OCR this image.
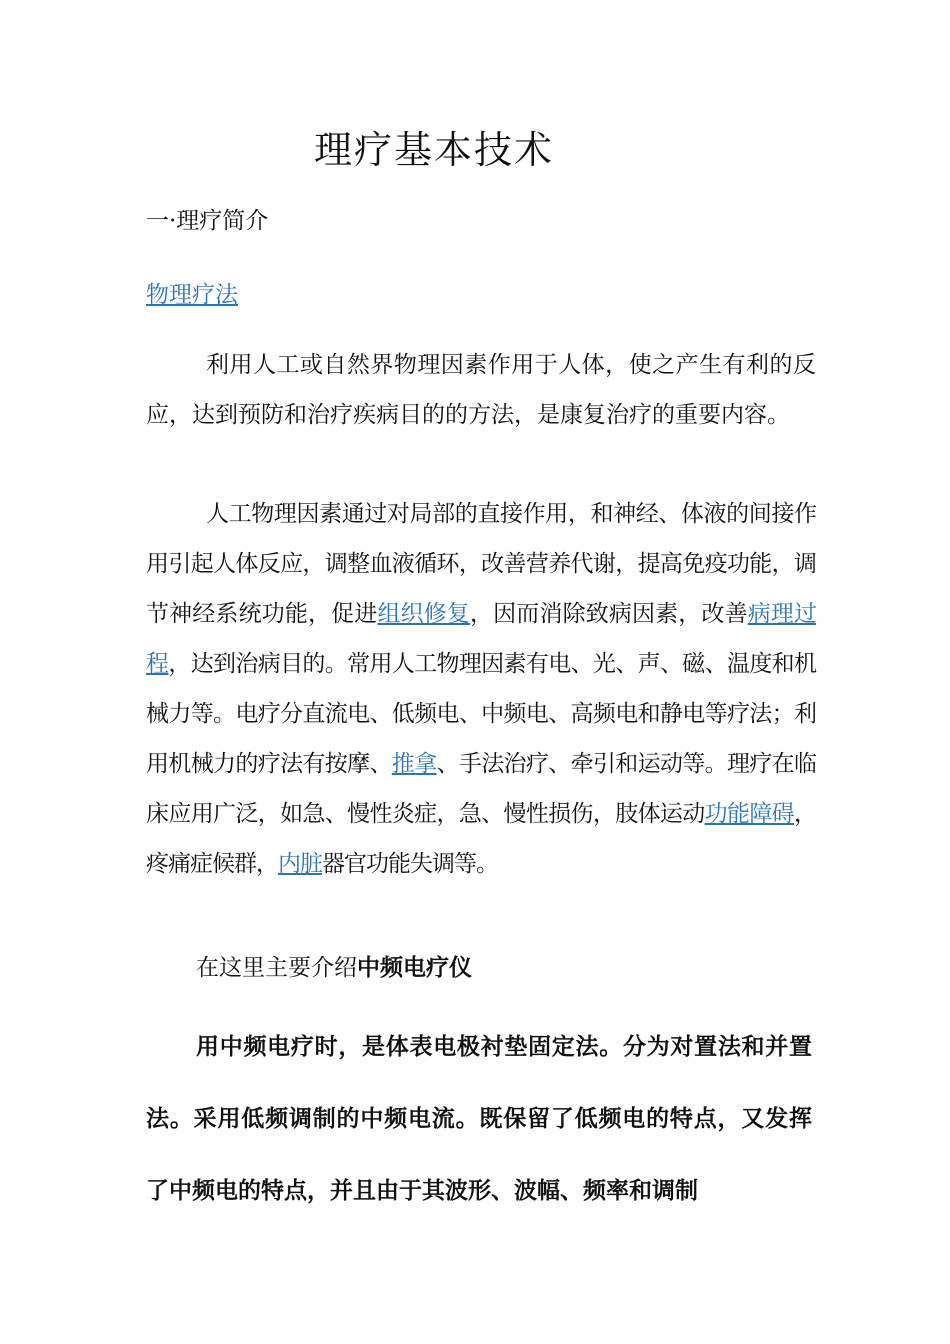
理疗基本技术
一·理疗简介
物理疗法

利用人工或自然界物理因素作用于人体，使之产生有利的反应，达到预防和治疗疾病目的的方法，是康复治疗的重要内容。

人工物理因素通过对局部的直接作用，和神经、体液的间接作用引起人体反应，调整血液循环，改善营养代谢，提高免疫功能，调节神经系统功能，促进组织修复，因而消除致病因素，改善病理过程，达到治病目的。常用人工物理因素有电、光、声、磁、温度和机械力等。电疗分直流电、低频电、中频电、高频电和静电等疗法；利用机械力的疗法有按摩、推拿、手法治疗、牵引和运动等。理疗在临床应用广泛，如急、慢性炎症，急、慢性损伤，肢体运动功能障碍，疼痛症候群，内脏器官功能失调等。

在这里主要介绍中频电疗仪

用中频电疗时，是体表电极衬垫固定法。分为对置法和并置法。采用低频调制的中频电流。既保留了低频电的特点，又发挥了中频电的特点，并且由于其波形、波幅、频率和调制
